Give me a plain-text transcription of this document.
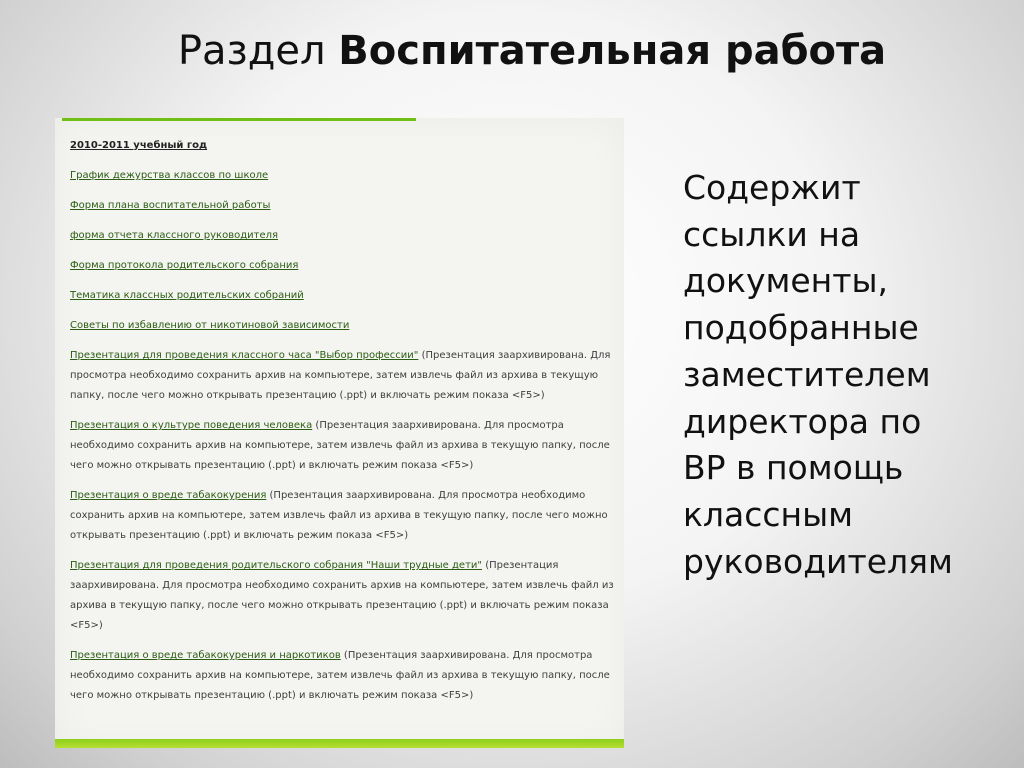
Раздел Воспитательная работа
2010-2011 учебный год
График дежурства классов по школе
Форма плана воспитательной работы
форма отчета классного руководителя
Форма протокола родительского собрания
Тематика классных родительских собраний
Советы по избавлению от никотиновой зависимости
Презентация для проведения классного часа "Выбор профессии" (Презентация заархивирована. Для просмотра необходимо сохранить архив на компьютере, затем извлечь файл из архива в текущую папку, после чего можно открывать презентацию (.ppt) и включать режим показа <F5>)
Презентация о культуре поведения человека (Презентация заархивирована. Для просмотра необходимо сохранить архив на компьютере, затем извлечь файл из архива в текущую папку, после чего можно открывать презентацию (.ppt) и включать режим показа <F5>)
Презентация о вреде табакокурения (Презентация заархивирована. Для просмотра необходимо сохранить архив на компьютере, затем извлечь файл из архива в текущую папку, после чего можно открывать презентацию (.ppt) и включать режим показа <F5>)
Презентация для проведения родительского собрания "Наши трудные дети" (Презентация заархивирована. Для просмотра необходимо сохранить архив на компьютере, затем извлечь файл из архива в текущую папку, после чего можно открывать презентацию (.ppt) и включать режим показа <F5>)
Презентация о вреде табакокурения и наркотиков (Презентация заархивирована. Для просмотра необходимо сохранить архив на компьютере, затем извлечь файл из архива в текущую папку, после чего можно открывать презентацию (.ppt) и включать режим показа <F5>)
Содержит
ссылки на
документы,
подобранные
заместителем
директора по
ВР в помощь
классным
руководителям
